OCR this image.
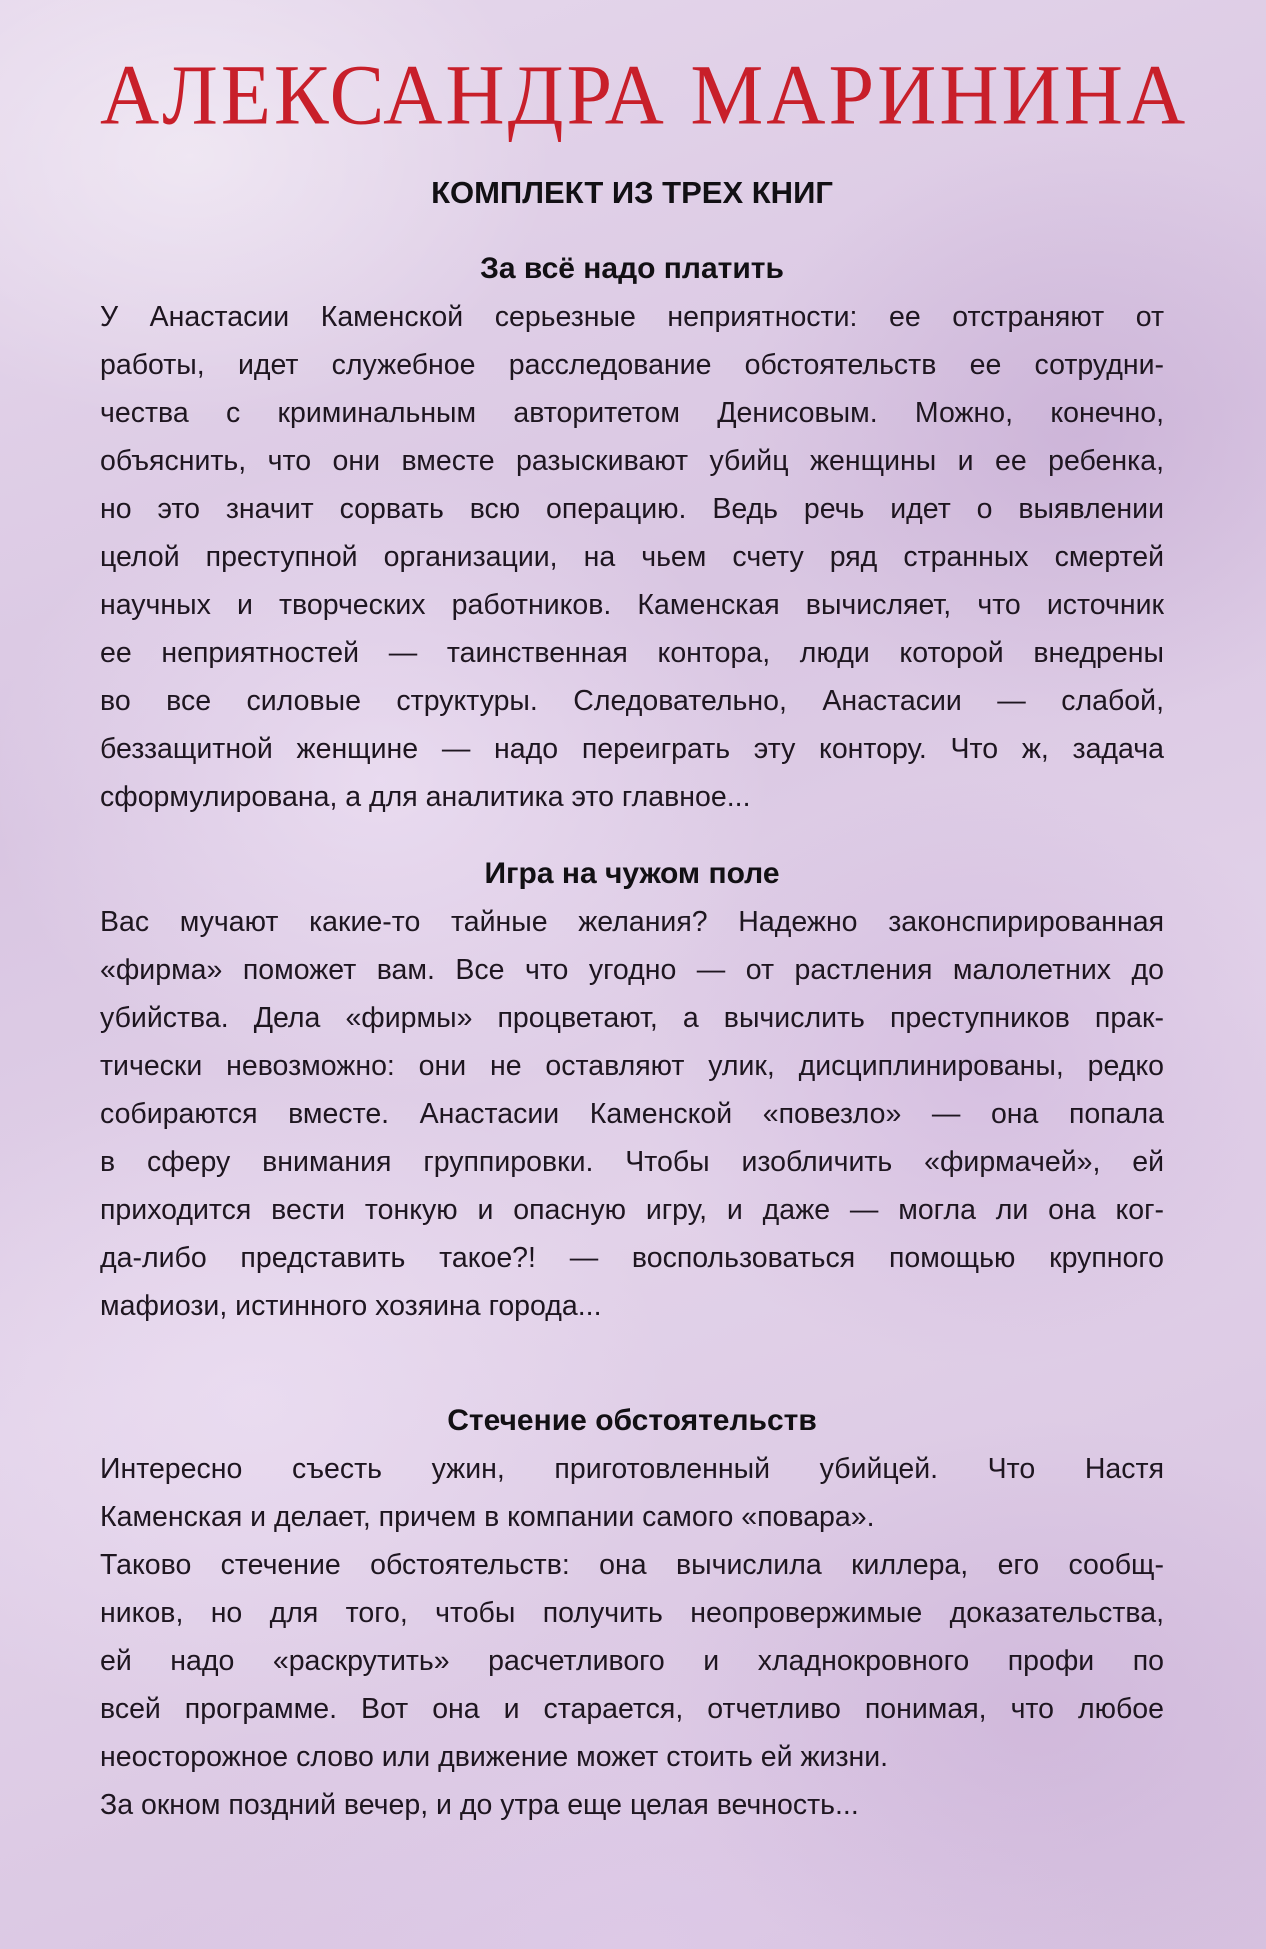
АЛЕКСАНДРА МАРИНИНА
КОМПЛЕКТ ИЗ ТРЕХ КНИГ
За всё надо платить
У Анастасии Каменской серьезные неприятности: ее отстраняют от
работы, идет служебное расследование обстоятельств ее сотрудни-
чества с криминальным авторитетом Денисовым. Можно, конечно,
объяснить, что они вместе разыскивают убийц женщины и ее ребенка,
но это значит сорвать всю операцию. Ведь речь идет о выявлении
целой преступной организации, на чьем счету ряд странных смертей
научных и творческих работников. Каменская вычисляет, что источник
ее неприятностей — таинственная контора, люди которой внедрены
во все силовые структуры. Следовательно, Анастасии — слабой,
беззащитной женщине — надо переиграть эту контору. Что ж, задача
сформулирована, а для аналитика это главное...
Игра на чужом поле
Вас мучают какие-то тайные желания? Надежно законспирированная
«фирма» поможет вам. Все что угодно — от растления малолетних до
убийства. Дела «фирмы» процветают, а вычислить преступников прак-
тически невозможно: они не оставляют улик, дисциплинированы, редко
собираются вместе. Анастасии Каменской «повезло» — она попала
в сферу внимания группировки. Чтобы изобличить «фирмачей», ей
приходится вести тонкую и опасную игру, и даже — могла ли она ког-
да-либо представить такое?! — воспользоваться помощью крупного
мафиози, истинного хозяина города...
Стечение обстоятельств
Интересно съесть ужин, приготовленный убийцей. Что Настя
Каменская и делает, причем в компании самого «повара».
Таково стечение обстоятельств: она вычислила киллера, его сообщ-
ников, но для того, чтобы получить неопровержимые доказательства,
ей надо «раскрутить» расчетливого и хладнокровного профи по
всей программе. Вот она и старается, отчетливо понимая, что любое
неосторожное слово или движение может стоить ей жизни.
За окном поздний вечер, и до утра еще целая вечность...
